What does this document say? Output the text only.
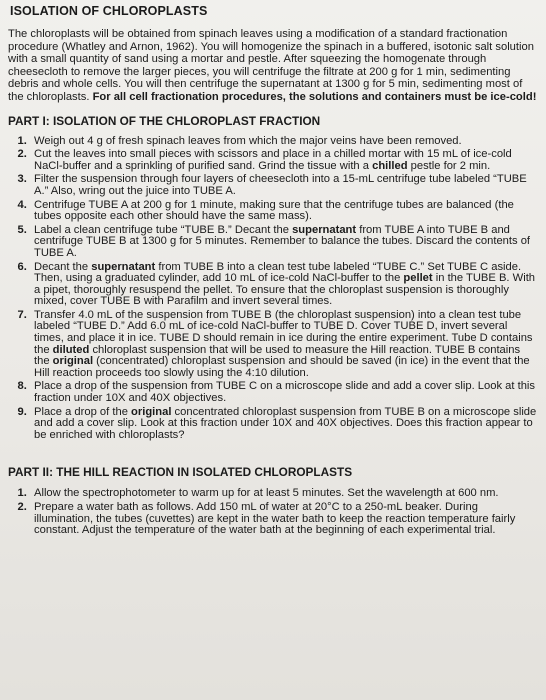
ISOLATION OF CHLOROPLASTS

The chloroplasts will be obtained from spinach leaves using a modification of a standard fractionation procedure (Whatley and Arnon, 1962). You will homogenize the spinach in a buffered, isotonic salt solution with a small quantity of sand using a mortar and pestle. After squeezing the homogenate through cheesecloth to remove the larger pieces, you will centrifuge the filtrate at 200 g for 1 min, sedimenting debris and whole cells. You will then centrifuge the supernatant at 1300 g for 5 min, sedimenting most of the chloroplasts. For all cell fractionation procedures, the solutions and containers must be ice-cold!

PART I: ISOLATION OF THE CHLOROPLAST FRACTION
1. Weigh out 4 g of fresh spinach leaves from which the major veins have been removed.
2. Cut the leaves into small pieces with scissors and place in a chilled mortar with 15 mL of ice-cold NaCl-buffer and a sprinkling of purified sand. Grind the tissue with a chilled pestle for 2 min.
3. Filter the suspension through four layers of cheesecloth into a 15-mL centrifuge tube labeled “TUBE A.” Also, wring out the juice into TUBE A.
4. Centrifuge TUBE A at 200 g for 1 minute, making sure that the centrifuge tubes are balanced (the tubes opposite each other should have the same mass).
5. Label a clean centrifuge tube “TUBE B.” Decant the supernatant from TUBE A into TUBE B and centrifuge TUBE B at 1300 g for 5 minutes. Remember to balance the tubes. Discard the contents of TUBE A.
6. Decant the supernatant from TUBE B into a clean test tube labeled “TUBE C.” Set TUBE C aside. Then, using a graduated cylinder, add 10 mL of ice-cold NaCl-buffer to the pellet in the TUBE B. With a pipet, thoroughly resuspend the pellet. To ensure that the chloroplast suspension is thoroughly mixed, cover TUBE B with Parafilm and invert several times.
7. Transfer 4.0 mL of the suspension from TUBE B (the chloroplast suspension) into a clean test tube labeled “TUBE D.” Add 6.0 mL of ice-cold NaCl-buffer to TUBE D. Cover TUBE D, invert several times, and place it in ice. TUBE D should remain in ice during the entire experiment. Tube D contains the diluted chloroplast suspension that will be used to measure the Hill reaction. TUBE B contains the original (concentrated) chloroplast suspension and should be saved (in ice) in the event that the Hill reaction proceeds too slowly using the 4:10 dilution.
8. Place a drop of the suspension from TUBE C on a microscope slide and add a cover slip. Look at this fraction under 10X and 40X objectives.
9. Place a drop of the original concentrated chloroplast suspension from TUBE B on a microscope slide and add a cover slip. Look at this fraction under 10X and 40X objectives. Does this fraction appear to be enriched with chloroplasts?
PART II: THE HILL REACTION IN ISOLATED CHLOROPLASTS
1. Allow the spectrophotometer to warm up for at least 5 minutes. Set the wavelength at 600 nm.
2. Prepare a water bath as follows. Add 150 mL of water at 20°C to a 250-mL beaker. During illumination, the tubes (cuvettes) are kept in the water bath to keep the reaction temperature fairly constant. Adjust the temperature of the water bath at the beginning of each experimental trial.
